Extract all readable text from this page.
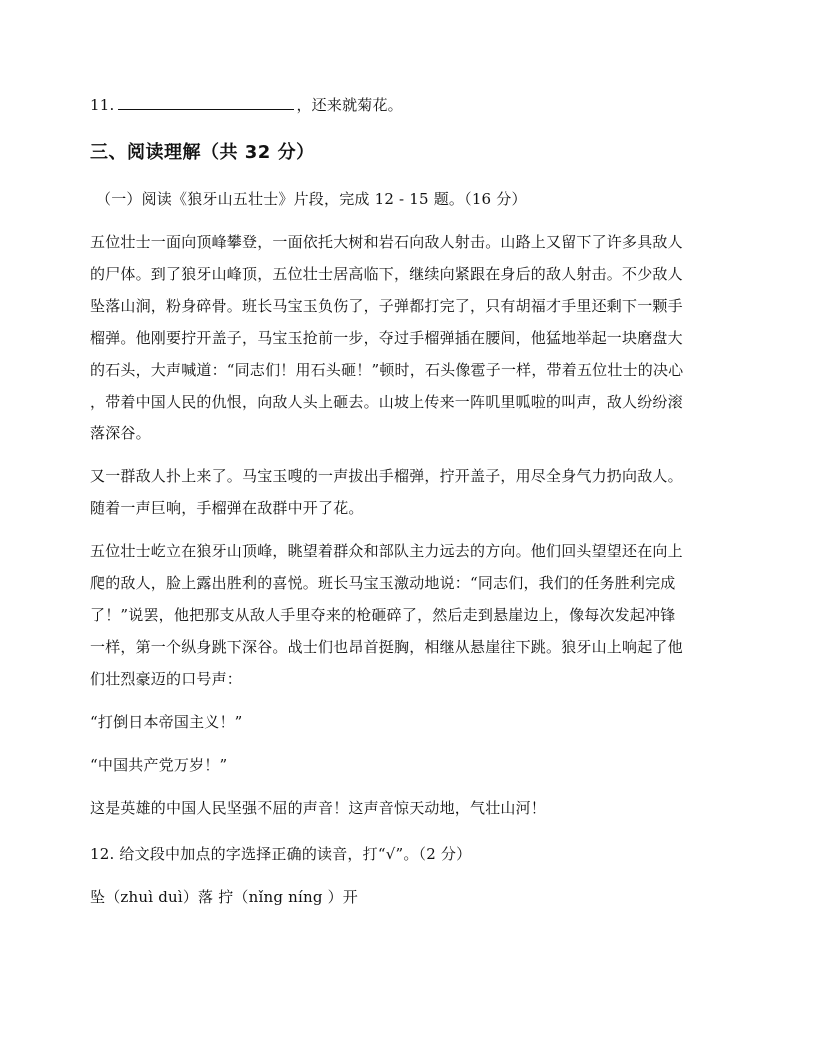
11.	，还来就菊花。
三、阅读理解（共 32 分）
（一）阅读《狼牙山五壮士》片段，完成 12 - 15 题。（16 分）
五位壮士一面向顶峰攀登，一面依托大树和岩石向敌人射击。山路上又留下了许多具敌人
的尸体。到了狼牙山峰顶，五位壮士居高临下，继续向紧跟在身后的敌人射击。不少敌人
坠落山涧，粉身碎骨。班长马宝玉负伤了，子弹都打完了，只有胡福才手里还剩下一颗手
榴弹。他刚要拧开盖子，马宝玉抢前一步，夺过手榴弹插在腰间，他猛地举起一块磨盘大
的石头，大声喊道：“同志们！用石头砸！”顿时，石头像雹子一样，带着五位壮士的决心
，带着中国人民的仇恨，向敌人头上砸去。山坡上传来一阵叽里呱啦的叫声，敌人纷纷滚
落深谷。
又一群敌人扑上来了。马宝玉嗖的一声拔出手榴弹，拧开盖子，用尽全身气力扔向敌人。
随着一声巨响，手榴弹在敌群中开了花。
五位壮士屹立在狼牙山顶峰，眺望着群众和部队主力远去的方向。他们回头望望还在向上
爬的敌人，脸上露出胜利的喜悦。班长马宝玉激动地说：“同志们，我们的任务胜利完成
了！”说罢，他把那支从敌人手里夺来的枪砸碎了，然后走到悬崖边上，像每次发起冲锋
一样，第一个纵身跳下深谷。战士们也昂首挺胸，相继从悬崖往下跳。狼牙山上响起了他
们壮烈豪迈的口号声：
“打倒日本帝国主义！”
“中国共产党万岁！”
这是英雄的中国人民坚强不屈的声音！这声音惊天动地，气壮山河！
12. 给文段中加点的字选择正确的读音，打“√”。（2 分）
坠（zhuì duì）落 拧（nǐng níng ）开
